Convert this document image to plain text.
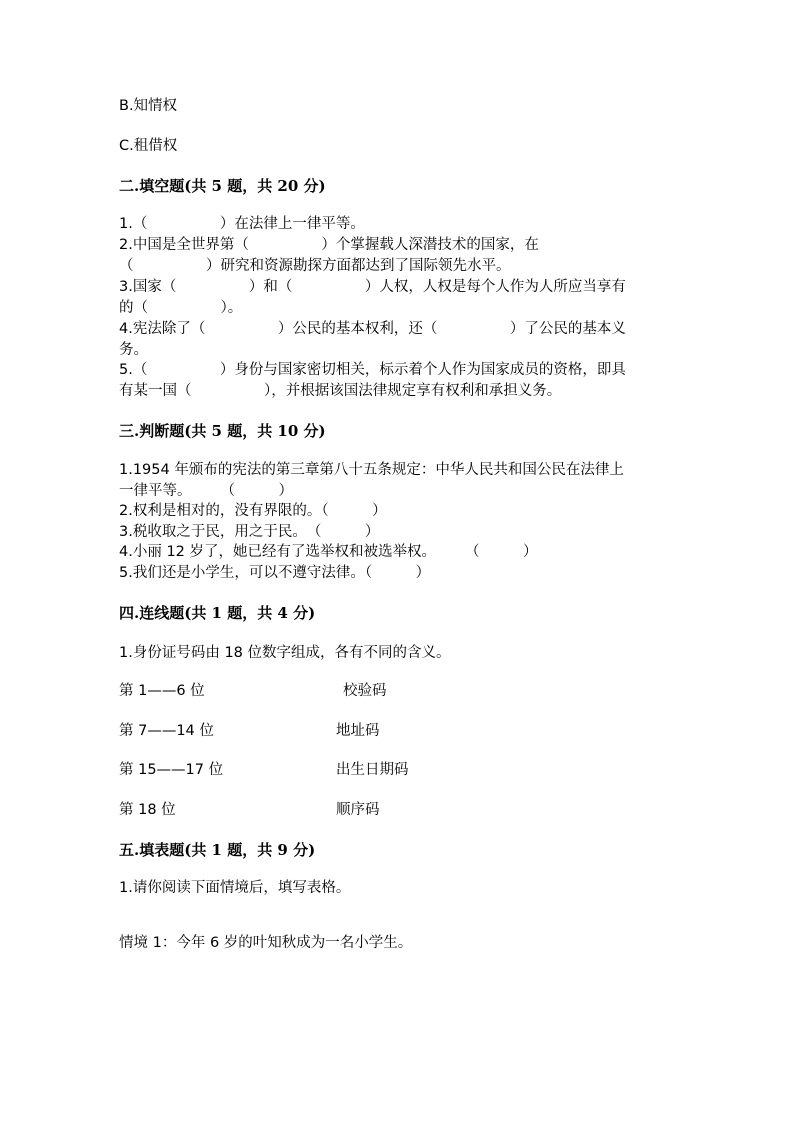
B.知情权
C.租借权
二.填空题(共 5 题，共 20 分)
1.（　　　　　）在法律上一律平等。
2.中国是全世界第（　　　　　）个掌握载人深潜技术的国家，在
（　　　　　）研究和资源勘探方面都达到了国际领先水平。
3.国家（　　　　　）和（　　　　　）人权，人权是每个人作为人所应当享有
的（　　　　　）。
4.宪法除了（　　　　　）公民的基本权利，还（　　　　　）了公民的基本义
务。
5.（　　　　　）身份与国家密切相关，标示着个人作为国家成员的资格，即具
有某一国（　　　　　），并根据该国法律规定享有权利和承担义务。
三.判断题(共 5 题，共 10 分)
1.1954 年颁布的宪法的第三章第八十五条规定：中华人民共和国公民在法律上
一律平等。　　　（　　　）
2.权利是相对的，没有界限的。（　　　）
3.税收取之于民，用之于民。　（　　　）
4.小丽 12 岁了，她已经有了选举权和被选举权。　　　（　　　）
5.我们还是小学生，可以不遵守法律。（　　　）
四.连线题(共 1 题，共 4 分)
1.身份证号码由 18 位数字组成，各有不同的含义。
第 1——6 位	校验码
第 7——14 位	地址码
第 15——17 位	出生日期码
第 18 位	顺序码
五.填表题(共 1 题，共 9 分)
1.请你阅读下面情境后，填写表格。
情境 1：今年 6 岁的叶知秋成为一名小学生。
